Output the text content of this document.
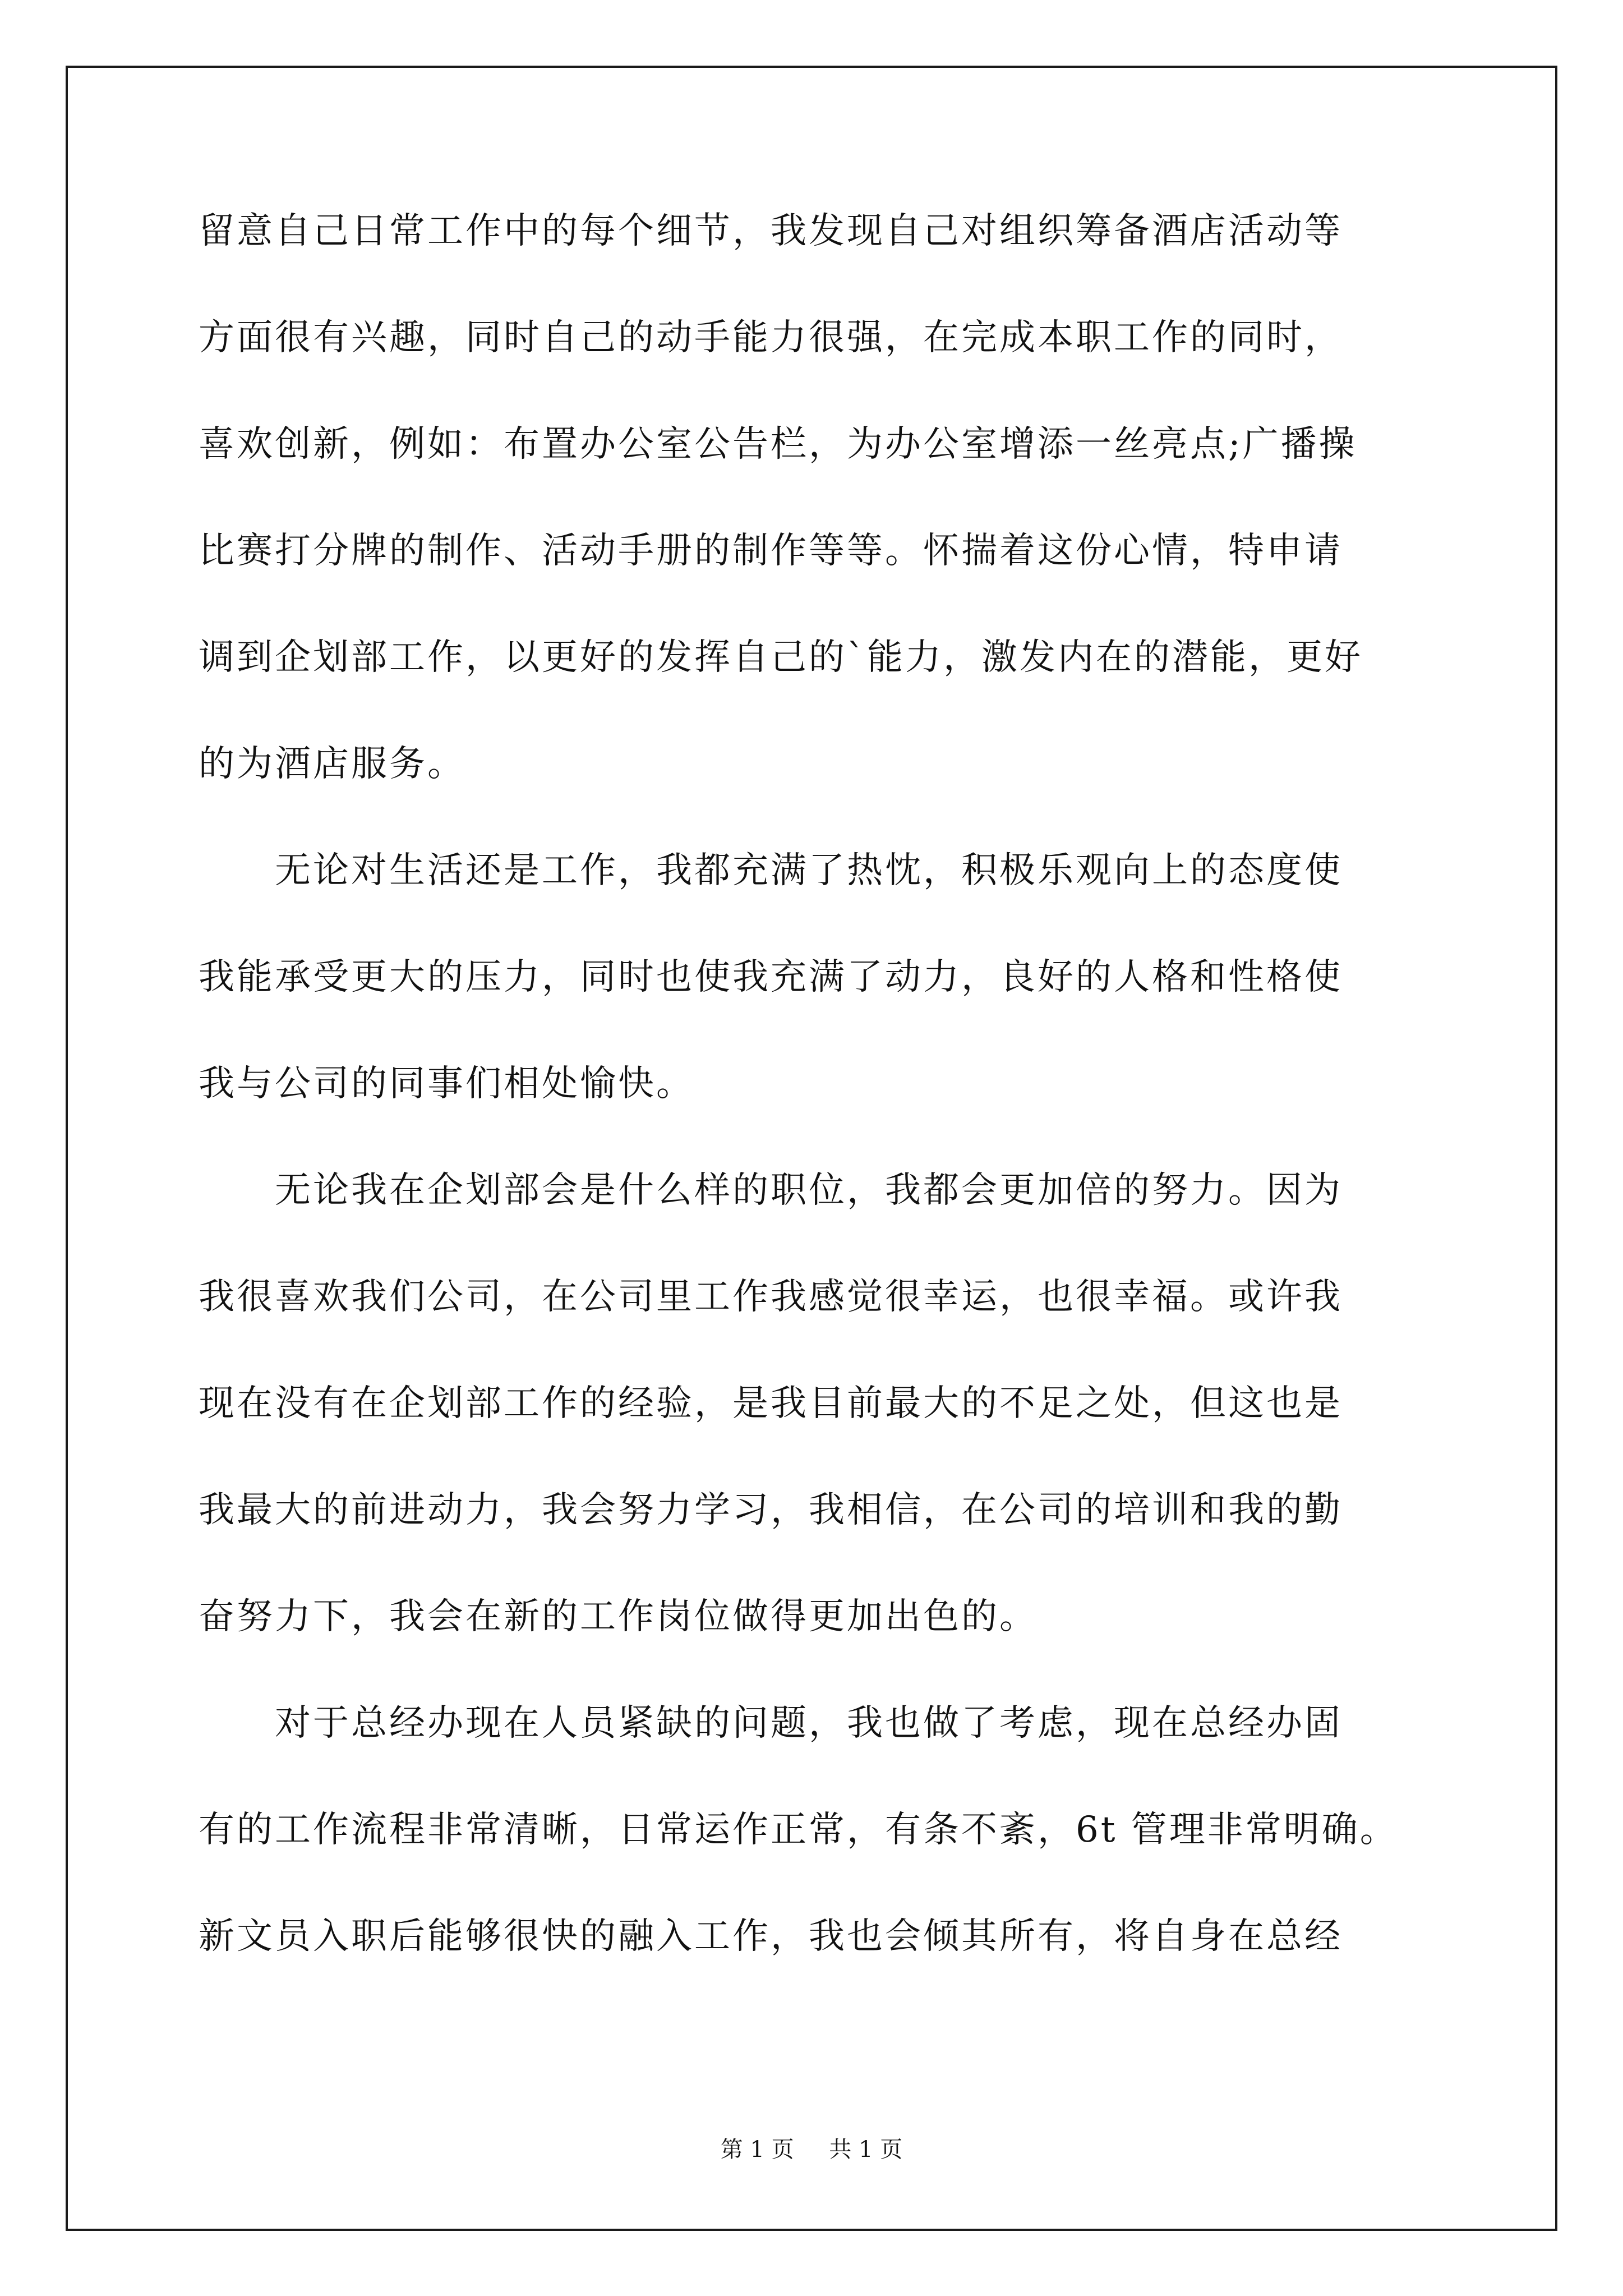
留意自己日常工作中的每个细节，我发现自己对组织筹备酒店活动等
方面很有兴趣，同时自己的动手能力很强，在完成本职工作的同时，
喜欢创新，例如：布置办公室公告栏，为办公室增添一丝亮点;广播操
比赛打分牌的制作、活动手册的制作等等。怀揣着这份心情，特申请
调到企划部工作，以更好的发挥自己的`能力，激发内在的潜能，更好
的为酒店服务。
　　无论对生活还是工作，我都充满了热忱，积极乐观向上的态度使
我能承受更大的压力，同时也使我充满了动力，良好的人格和性格使
我与公司的同事们相处愉快。
　　无论我在企划部会是什么样的职位，我都会更加倍的努力。因为
我很喜欢我们公司，在公司里工作我感觉很幸运，也很幸福。或许我
现在没有在企划部工作的经验，是我目前最大的不足之处，但这也是
我最大的前进动力，我会努力学习，我相信，在公司的培训和我的勤
奋努力下，我会在新的工作岗位做得更加出色的。
　　对于总经办现在人员紧缺的问题，我也做了考虑，现在总经办固
有的工作流程非常清晰，日常运作正常，有条不紊，6t 管理非常明确。
新文员入职后能够很快的融入工作，我也会倾其所有，将自身在总经
第 1 页 共 1 页
